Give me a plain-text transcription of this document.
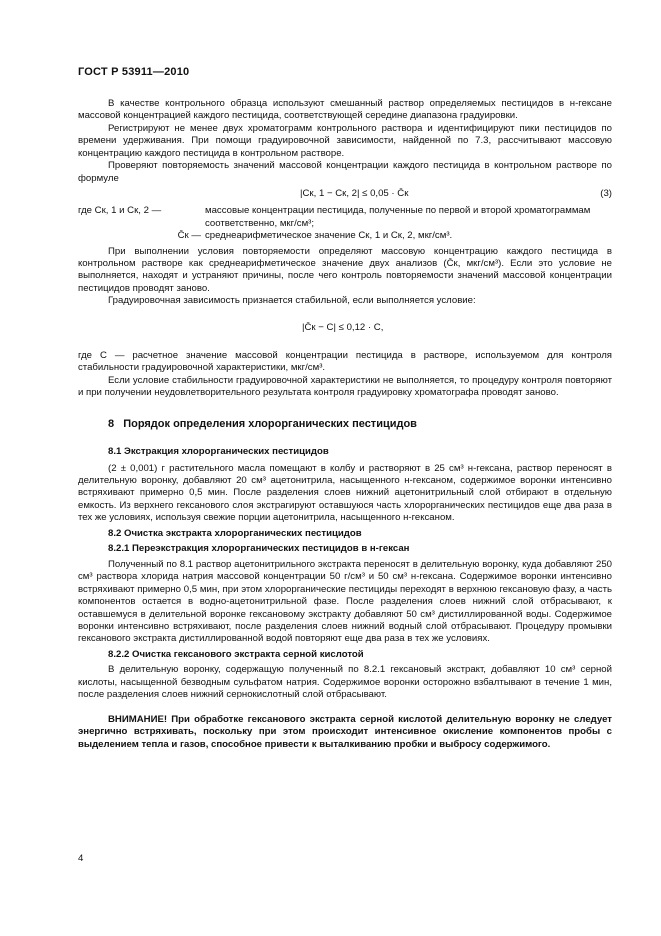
ГОСТ Р 53911—2010

В качестве контрольного образца используют смешанный раствор определяемых пестицидов в н-гексане массовой концентрацией каждого пестицида, соответствующей середине диапазона градуировки.

Регистрируют не менее двух хроматограмм контрольного раствора и идентифицируют пики пестицидов по времени удерживания. При помощи градуировочной зависимости, найденной по 7.3, рассчитывают массовую концентрацию каждого пестицида в контрольном растворе.

Проверяют повторяемость значений массовой концентрации каждого пестицида в контрольном растворе по формуле

|Cк, 1 − Cк, 2| ≤ 0,05 · C̄к	(3)
где Cк, 1 и Cк, 2 —	массовые концентрации пестицида, полученные по первой и второй хроматограммам соответственно, мкг/см³;
C̄к — среднеарифметическое значение Cк, 1 и Cк, 2, мкг/см³.

При выполнении условия повторяемости определяют массовую концентрацию каждого пестицида в контрольном растворе как среднеарифметическое значение двух анализов (C̄к, мкг/см³). Если это условие не выполняется, находят и устраняют причины, после чего контроль повторяемости значений массовой концентрации пестицидов проводят заново.

Градуировочная зависимость признается стабильной, если выполняется условие:

|C̄к − C| ≤ 0,12 · C,

где C — расчетное значение массовой концентрации пестицида в растворе, используемом для контроля стабильности градуировочной характеристики, мкг/см³.

Если условие стабильности градуировочной характеристики не выполняется, то процедуру контроля повторяют и при получении неудовлетворительного результата контроля градуировку хроматографа проводят заново.

8 Порядок определения хлорорганических пестицидов
8.1 Экстракция хлорорганических пестицидов

(2 ± 0,001) г растительного масла помещают в колбу и растворяют в 25 см³ н-гексана, раствор переносят в делительную воронку, добавляют 20 см³ ацетонитрила, насыщенного н-гексаном, содержимое воронки интенсивно встряхивают примерно 0,5 мин. После разделения слоев нижний ацетонитрильный слой отбирают в отдельную емкость. Из верхнего гексанового слоя экстрагируют оставшуюся часть хлорорганических пестицидов еще два раза в тех же условиях, используя свежие порции ацетонитрила, насыщенного н-гексаном.

8.2 Очистка экстракта хлорорганических пестицидов
8.2.1 Переэкстракция хлорорганических пестицидов в н-гексан

Полученный по 8.1 раствор ацетонитрильного экстракта переносят в делительную воронку, куда добавляют 250 см³ раствора хлорида натрия массовой концентрации 50 г/см³ и 50 см³ н-гексана. Содержимое воронки интенсивно встряхивают примерно 0,5 мин, при этом хлорорганические пестициды переходят в верхнюю гексановую фазу, а часть компонентов остается в водно-ацетонитрильной фазе. После разделения слоев нижний слой отбрасывают, к оставшемуся в делительной воронке гексановому экстракту добавляют 50 см³ дистиллированной воды. Содержимое воронки интенсивно встряхивают, после разделения слоев нижний водный слой отбрасывают. Процедуру промывки гексанового экстракта дистиллированной водой повторяют еще два раза в тех же условиях.

8.2.2 Очистка гексанового экстракта серной кислотой

В делительную воронку, содержащую полученный по 8.2.1 гексановый экстракт, добавляют 10 см³ серной кислоты, насыщенной безводным сульфатом натрия. Содержимое воронки осторожно взбалтывают в течение 1 мин, после разделения слоев нижний сернокислотный слой отбрасывают.

ВНИМАНИЕ! При обработке гексанового экстракта серной кислотой делительную воронку не следует энергично встряхивать, поскольку при этом происходит интенсивное окисление компонентов пробы с выделением тепла и газов, способное привести к выталкиванию пробки и выбросу содержимого.

4
